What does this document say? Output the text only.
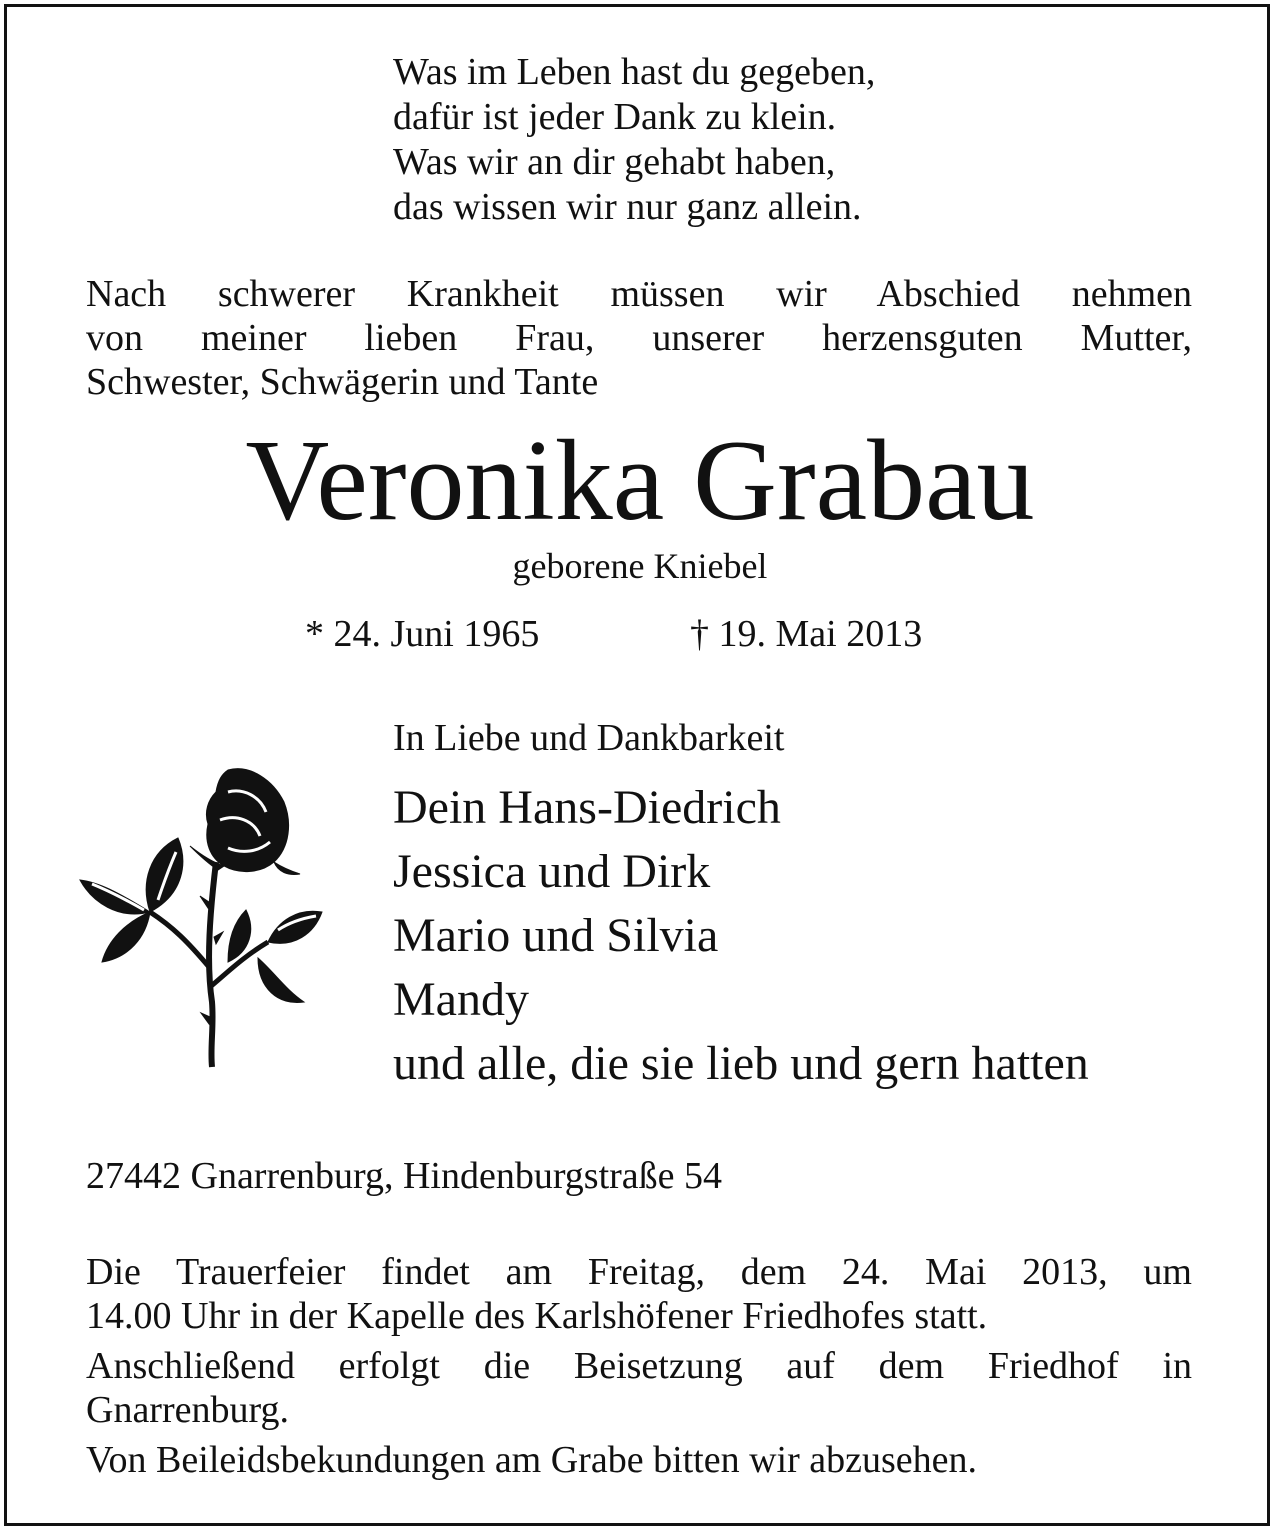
Was im Leben hast du gegeben,
dafür ist jeder Dank zu klein.
Was wir an dir gehabt haben,
das wissen wir nur ganz allein.
Nach schwerer Krankheit müssen wir Abschied nehmen
von meiner lieben Frau, unserer herzensguten Mutter,
Schwester, Schwägerin und Tante
Veronika Grabau
geborene Kniebel
* 24. Juni 1965	† 19. Mai 2013
In Liebe und Dankbarkeit
Dein Hans-Diedrich
Jessica und Dirk
Mario und Silvia
Mandy
und alle, die sie lieb und gern hatten
27442 Gnarrenburg, Hindenburgstraße 54
Die Trauerfeier findet am Freitag, dem 24. Mai 2013, um
14.00 Uhr in der Kapelle des Karlshöfener Friedhofes statt.
Anschließend erfolgt die Beisetzung auf dem Friedhof in
Gnarrenburg.
Von Beileidsbekundungen am Grabe bitten wir abzusehen.
